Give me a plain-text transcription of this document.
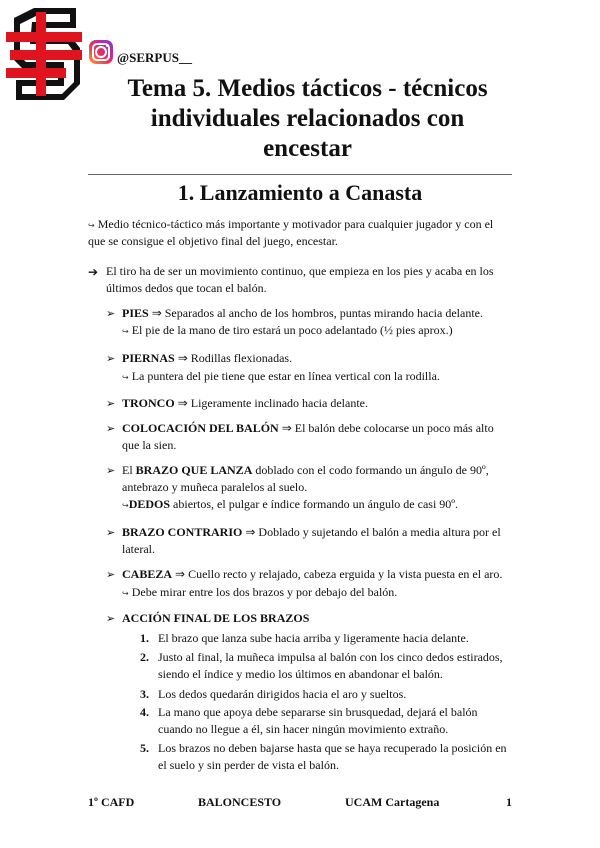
@SERPUS__
Tema 5. Medios tácticos - técnicos
individuales relacionados con
encestar
1. Lanzamiento a Canasta
↪ Medio técnico-táctico más importante y motivador para cualquier jugador y con el
que se consigue el objetivo final del juego, encestar.
➔ El tiro ha de ser un movimiento continuo, que empieza en los pies y acaba en los
últimos dedos que tocan el balón.
➢ PIES ⇒ Separados al ancho de los hombros, puntas mirando hacia delante.
↪ El pie de la mano de tiro estará un poco adelantado (½ pies aprox.)
➢ PIERNAS ⇒ Rodillas flexionadas.
↪ La puntera del pie tiene que estar en línea vertical con la rodilla.
➢ TRONCO ⇒ Ligeramente inclinado hacia delante.
➢ COLOCACIÓN DEL BALÓN ⇒ El balón debe colocarse un poco más alto
que la sien.
➢ El BRAZO QUE LANZA doblado con el codo formando un ángulo de 90º,
antebrazo y muñeca paralelos al suelo.
↪DEDOS abiertos, el pulgar e índice formando un ángulo de casi 90º.
➢ BRAZO CONTRARIO ⇒ Doblado y sujetando el balón a media altura por el
lateral.
➢ CABEZA ⇒ Cuello recto y relajado, cabeza erguida y la vista puesta en el aro.
↪ Debe mirar entre los dos brazos y por debajo del balón.
➢ ACCIÓN FINAL DE LOS BRAZOS
1. El brazo que lanza sube hacia arriba y ligeramente hacia delante.
2. Justo al final, la muñeca impulsa al balón con los cinco dedos estirados,
siendo el índice y medio los últimos en abandonar el balón.
3. Los dedos quedarán dirigidos hacia el aro y sueltos.
4. La mano que apoya debe separarse sin brusquedad, dejará el balón
cuando no llegue a él, sin hacer ningún movimiento extraño.
5. Los brazos no deben bajarse hasta que se haya recuperado la posición en
el suelo y sin perder de vista el balón.
1º CAFD	BALONCESTO	UCAM Cartagena	1
